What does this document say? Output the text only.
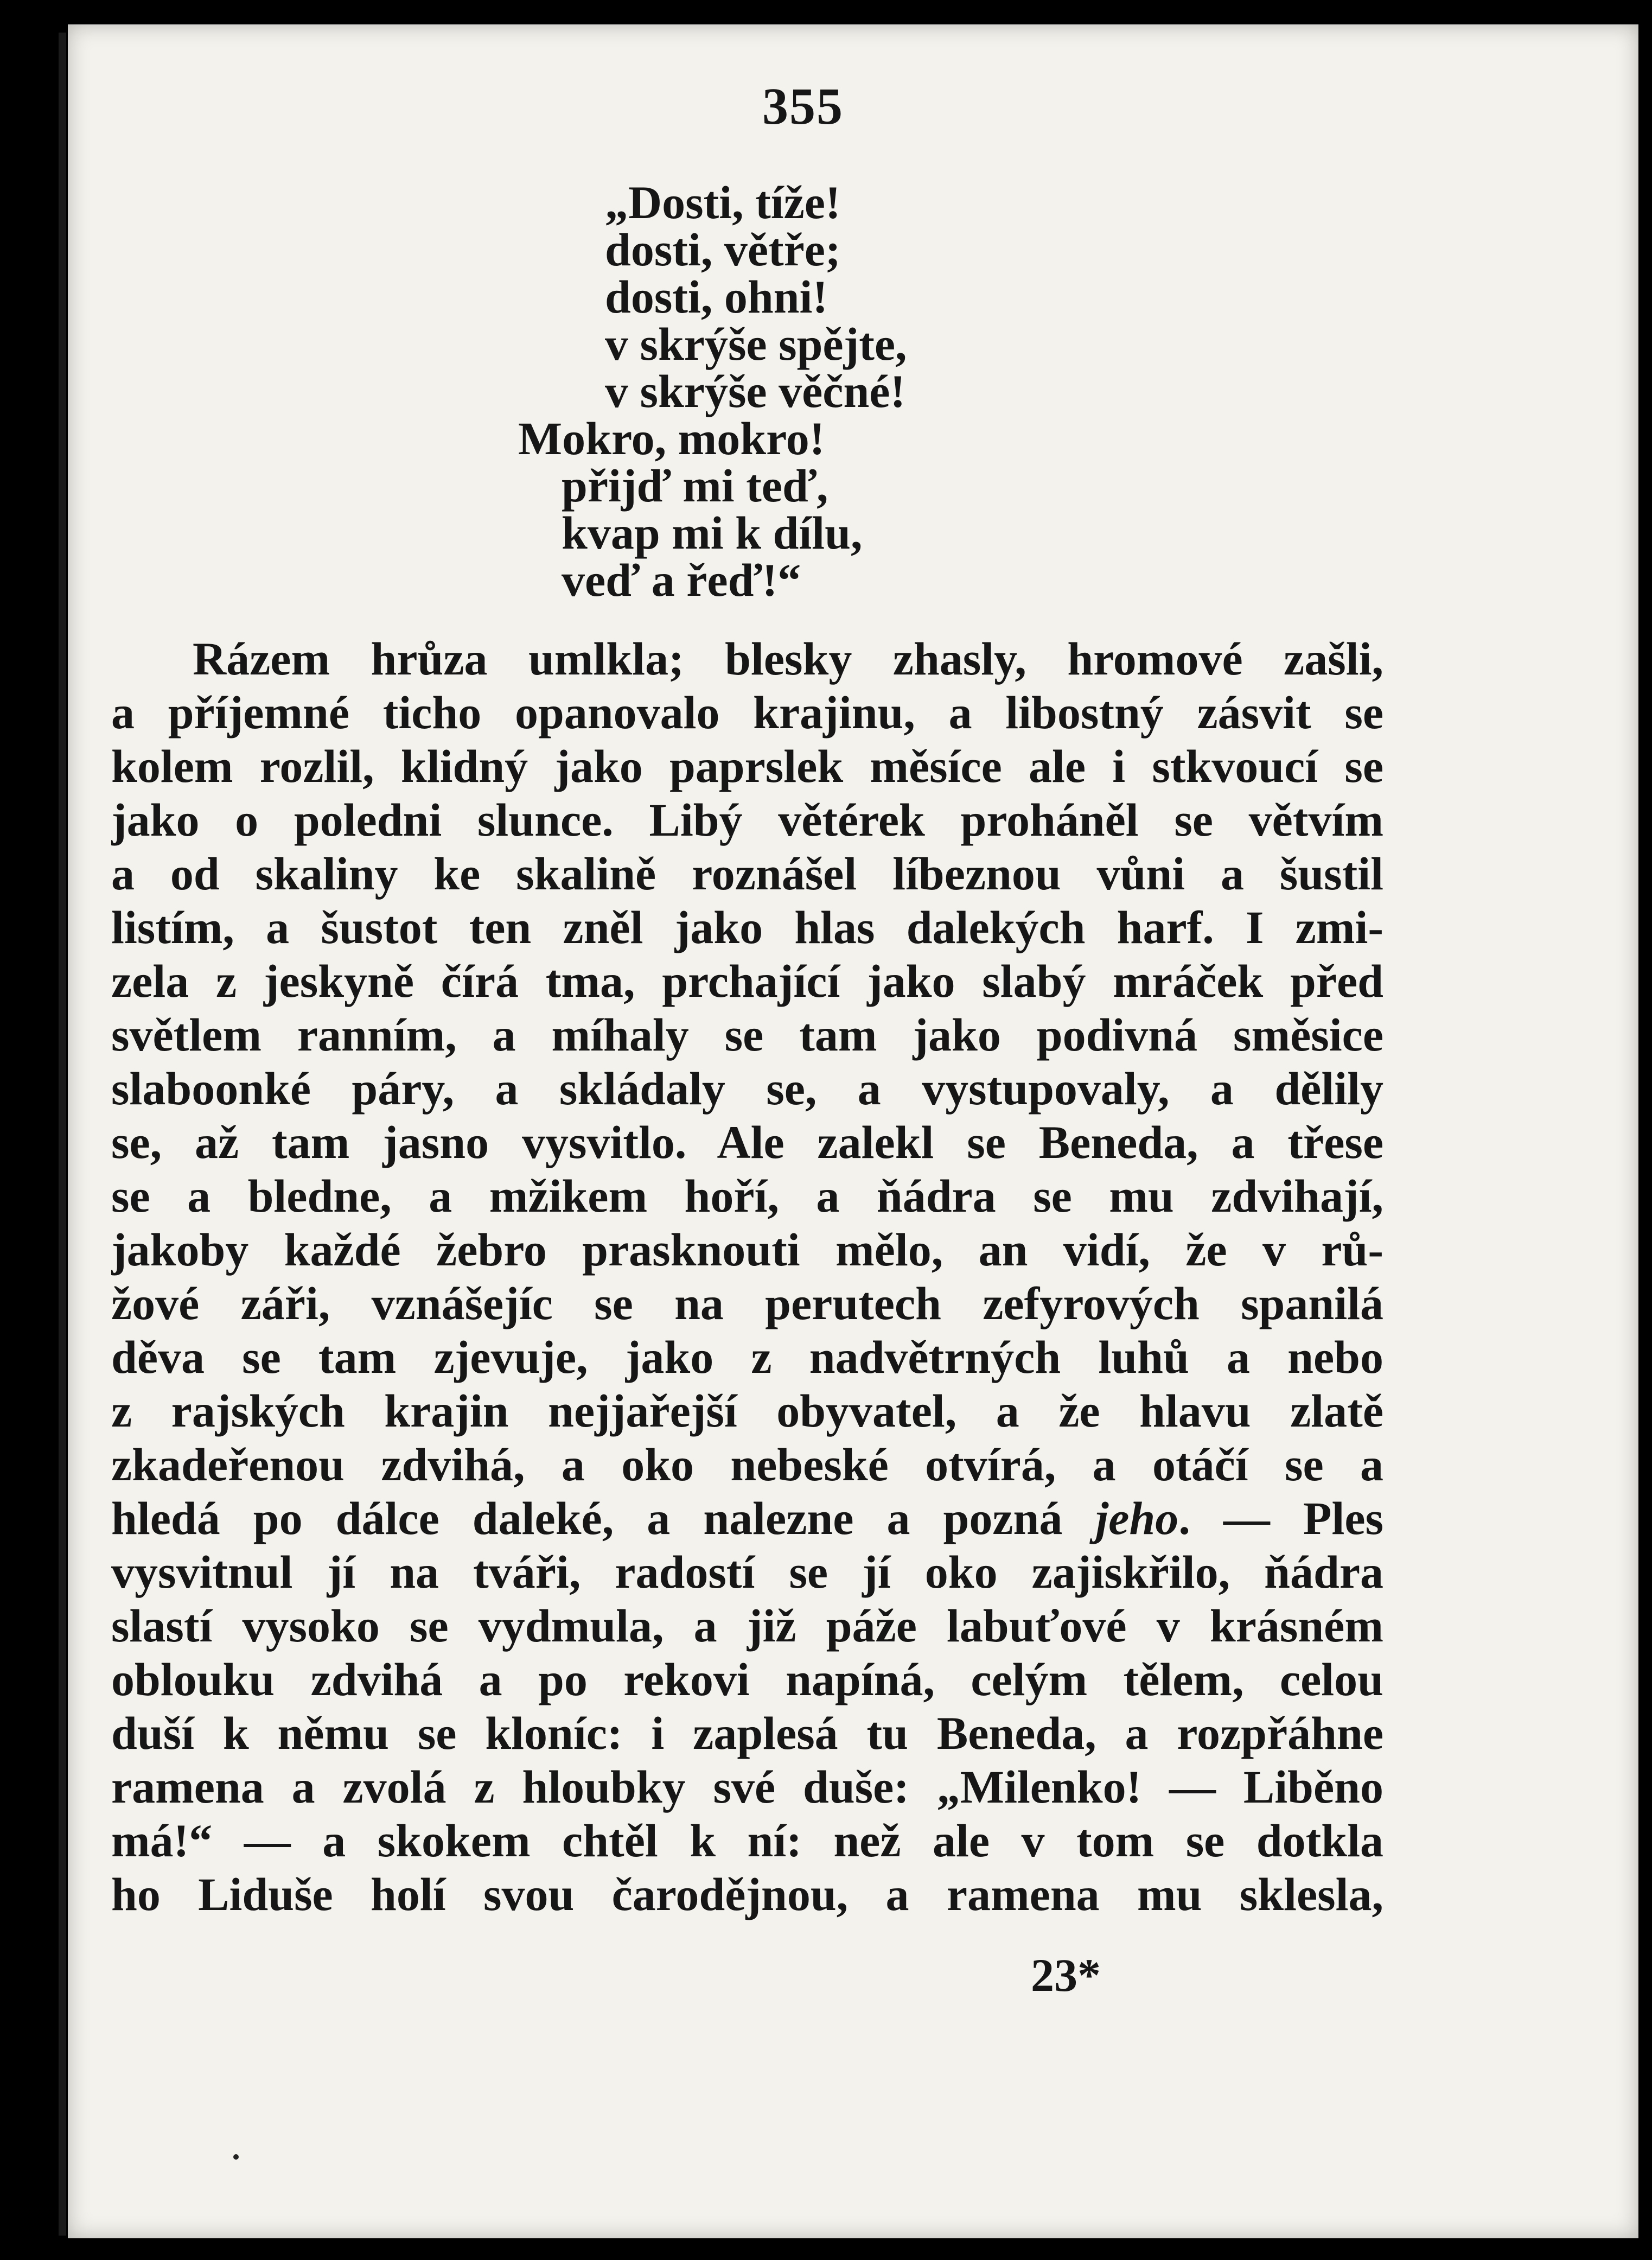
355
„Dosti, tíže!
dosti, větře;
dosti, ohni!
v skrýše spějte,
v skrýše věčné!
Mokro, mokro!
přijď mi teď,
kvap mi k dílu,
veď a řeď!“
Rázem hrůza umlkla; blesky zhasly, hromové zašli,
a příjemné ticho opanovalo krajinu, a libostný zásvit se
kolem rozlil, klidný jako paprslek měsíce ale i stkvoucí se
jako o poledni slunce. Libý větérek proháněl se větvím
a od skaliny ke skalině roznášel líbeznou vůni a šustil
listím, a šustot ten zněl jako hlas dalekých harf. I zmi-
zela z jeskyně čírá tma, prchající jako slabý mráček před
světlem ranním, a míhaly se tam jako podivná směsice
slaboonké páry, a skládaly se, a vystupovaly, a dělily
se, až tam jasno vysvitlo. Ale zalekl se Beneda, a třese
se a bledne, a mžikem hoří, a ňádra se mu zdvihají,
jakoby každé žebro prasknouti mělo, an vidí, že v rů-
žové záři, vznášejíc se na perutech zefyrových spanilá
děva se tam zjevuje, jako z nadvětrných luhů a nebo
z rajských krajin nejjařejší obyvatel, a že hlavu zlatě
zkadeřenou zdvihá, a oko nebeské otvírá, a otáčí se a
hledá po dálce daleké, a nalezne a pozná jeho. — Ples
vysvitnul jí na tváři, radostí se jí oko zajiskřilo, ňádra
slastí vysoko se vydmula, a již páže labuťové v krásném
oblouku zdvihá a po rekovi napíná, celým tělem, celou
duší k němu se kloníc: i zaplesá tu Beneda, a rozpřáhne
ramena a zvolá z hloubky své duše: „Milenko! — Liběno
má!“ — a skokem chtěl k ní: než ale v tom se dotkla
ho Liduše holí svou čarodějnou, a ramena mu sklesla,
23*
